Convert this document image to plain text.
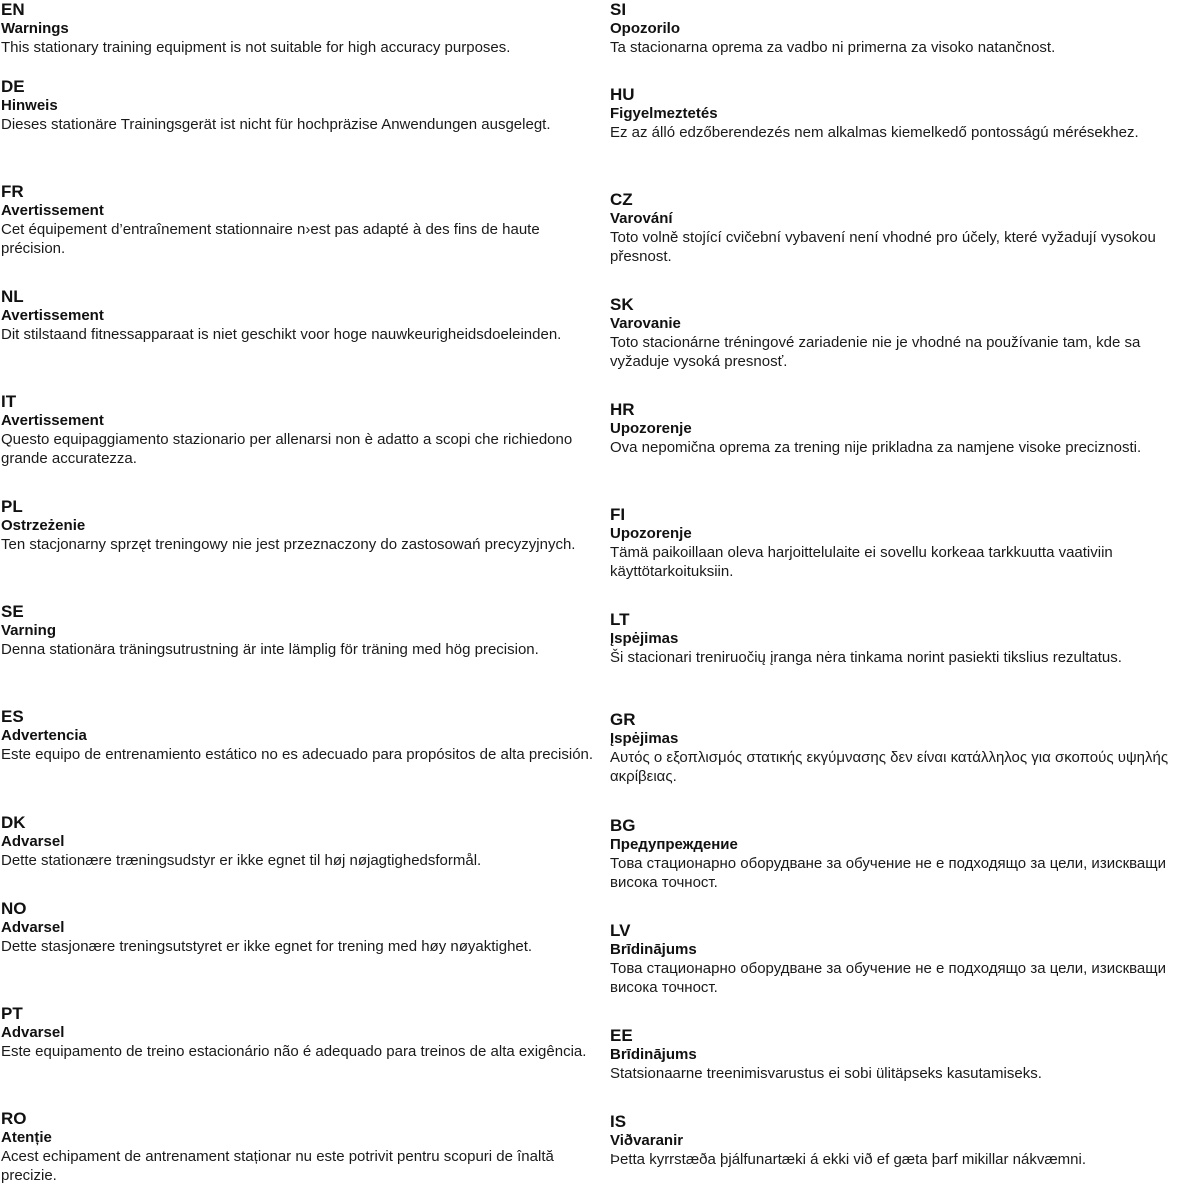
EN
Warnings
This stationary training equipment is not suitable for high accuracy purposes.
DE
Hinweis
Dieses stationäre Trainingsgerät ist nicht für hochpräzise Anwendungen ausgelegt.
FR
Avertissement
Cet équipement d’entraînement stationnaire n›est pas adapté à des fins de haute précision.
NL
Avertissement
Dit stilstaand fitnessapparaat is niet geschikt voor hoge nauwkeurigheidsdoeleinden.
IT
Avertissement
Questo equipaggiamento stazionario per allenarsi non è adatto a scopi che richiedono grande accuratezza.
PL
Ostrzeżenie
Ten stacjonarny sprzęt treningowy nie jest przeznaczony do zastosowań precyzyjnych.
SE
Varning
Denna stationära träningsutrustning är inte lämplig för träning med hög precision.
ES
Advertencia
Este equipo de entrenamiento estático no es adecuado para propósitos de alta precisión.
DK
Advarsel
Dette stationære træningsudstyr er ikke egnet til høj nøjagtighedsformål.
NO
Advarsel
Dette stasjonære treningsutstyret er ikke egnet for trening med høy nøyaktighet.
PT
Advarsel
Este equipamento de treino estacionário não é adequado para treinos de alta exigência.
RO
Atenție
Acest echipament de antrenament staționar nu este potrivit pentru scopuri de înaltă precizie.
SI
Opozorilo
Ta stacionarna oprema za vadbo ni primerna za visoko natančnost.
HU
Figyelmeztetés
Ez az álló edzőberendezés nem alkalmas kiemelkedő pontosságú mérésekhez.
CZ
Varování
Toto volně stojící cvičební vybavení není vhodné pro účely, které vyžadují vysokou přesnost.
SK
Varovanie
Toto stacionárne tréningové zariadenie nie je vhodné na používanie tam, kde sa vyžaduje vysoká presnosť.
HR
Upozorenje
Ova nepomična oprema za trening nije prikladna za namjene visoke preciznosti.
FI
Upozorenje
Tämä paikoillaan oleva harjoittelulaite ei sovellu korkeaa tarkkuutta vaativiin käyttötarkoituksiin.
LT
Įspėjimas
Ši stacionari treniruočių įranga nėra tinkama norint pasiekti tikslius rezultatus.
GR
Įspėjimas
Αυτός ο εξοπλισμός στατικής εκγύμνασης δεν είναι κατάλληλος για σκοπούς υψηλής ακρίβειας.
BG
Предупреждение
Това стационарно оборудване за обучение не е подходящо за цели, изискващи висока точност.
LV
Brīdinājums
Това стационарно оборудване за обучение не е подходящо за цели, изискващи висока точност.
EE
Brīdinājums
Statsionaarne treenimisvarustus ei sobi ülitäpseks kasutamiseks.
IS
Viðvaranir
Þetta kyrrstæða þjálfunartæki á ekki við ef gæta þarf mikillar nákvæmni.
